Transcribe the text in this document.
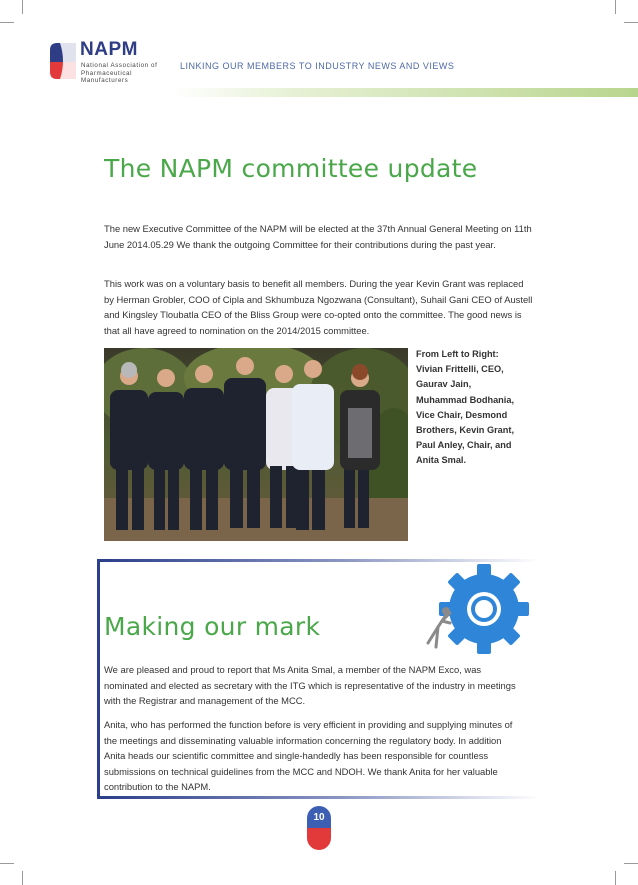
NAPM
National Association of
Pharmaceutical Manufacturers
LINKING OUR MEMBERS TO INDUSTRY NEWS AND VIEWS
The NAPM committee update

The new Executive Committee of the NAPM will be elected at the 37th Annual General Meeting on 11th June 2014.05.29 We thank the outgoing Committee for their contributions during the past year.

This work was on a voluntary basis to benefit all members. During the year Kevin Grant was replaced by Herman Grobler, COO of Cipla and Skhumbuza Ngozwana (Consultant), Suhail Gani CEO of Austell and Kingsley Tloubatla CEO of the Bliss Group were co-opted onto the committee. The good news is that all have agreed to nomination on the 2014/2015 committee.

From Left to Right: Vivian Frittelli, CEO, Gaurav Jain, Muhammad Bodhania, Vice Chair, Desmond Brothers, Kevin Grant, Paul Anley, Chair, and Anita Smal.

Making our mark

We are pleased and proud to report that Ms Anita Smal, a member of the NAPM Exco, was nominated and elected as secretary with the ITG which is representative of the industry in meetings with the Registrar and management of the MCC.

Anita, who has performed the function before is very efficient in providing and supplying minutes of the meetings and disseminating valuable information concerning the regulatory body. In addition Anita heads our scientific committee and single-handedly has been responsible for countless submissions on technical guidelines from the MCC and NDOH. We thank Anita for her valuable contribution to the NAPM.

10
